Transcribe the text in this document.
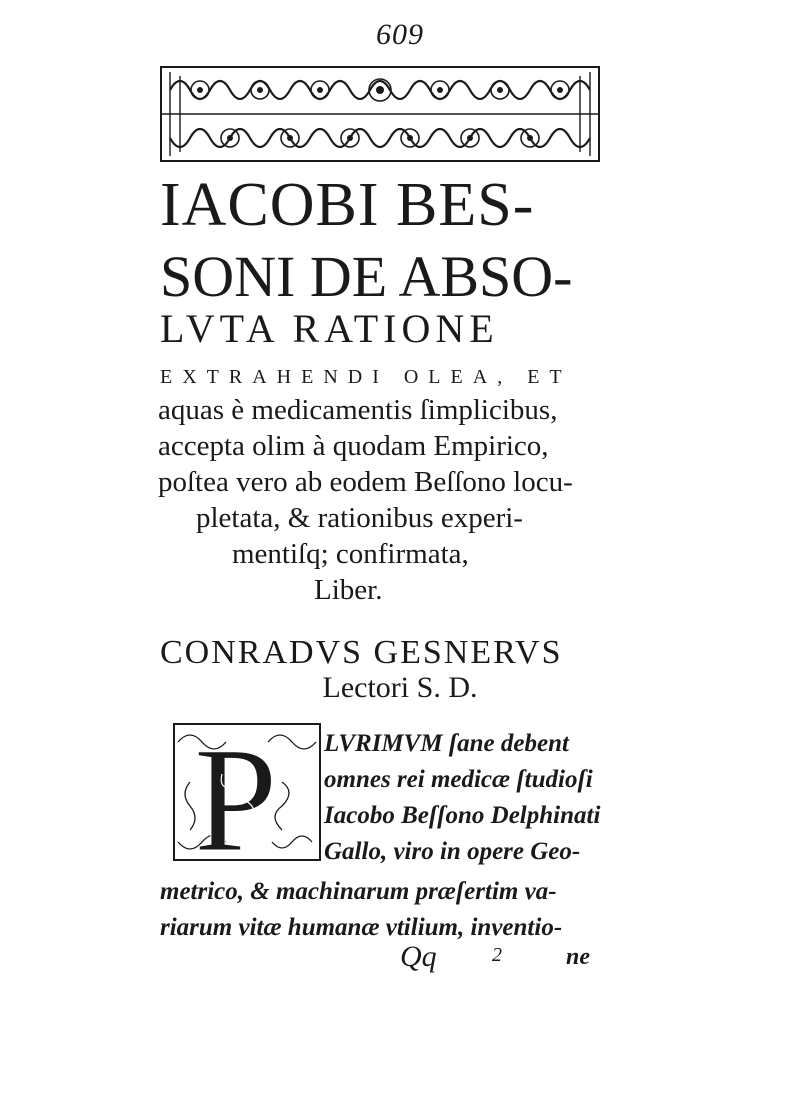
609
IACOBI BES-
SONI DE ABSO-
LVTA RATIONE
EXTRAHENDI OLEA, ET
aquas è medicamentis ſimplicibus,
accepta olim à quodam Empirico,
poſtea vero ab eodem Beſſono locu-
pletata, & rationibus experi-
mentiſq; confirmata,
Liber.
CONRADVS GESNERVS
Lectori S. D.
P LVRIMVM ſane debent
omnes rei medicæ ſtudioſi
Iacobo Beſſono Delphinati
Gallo, viro in opere Geo-
metrico, & machinarum præſertim va-
riarum vitæ humanæ vtilium, inventio-
Qq	2	ne
